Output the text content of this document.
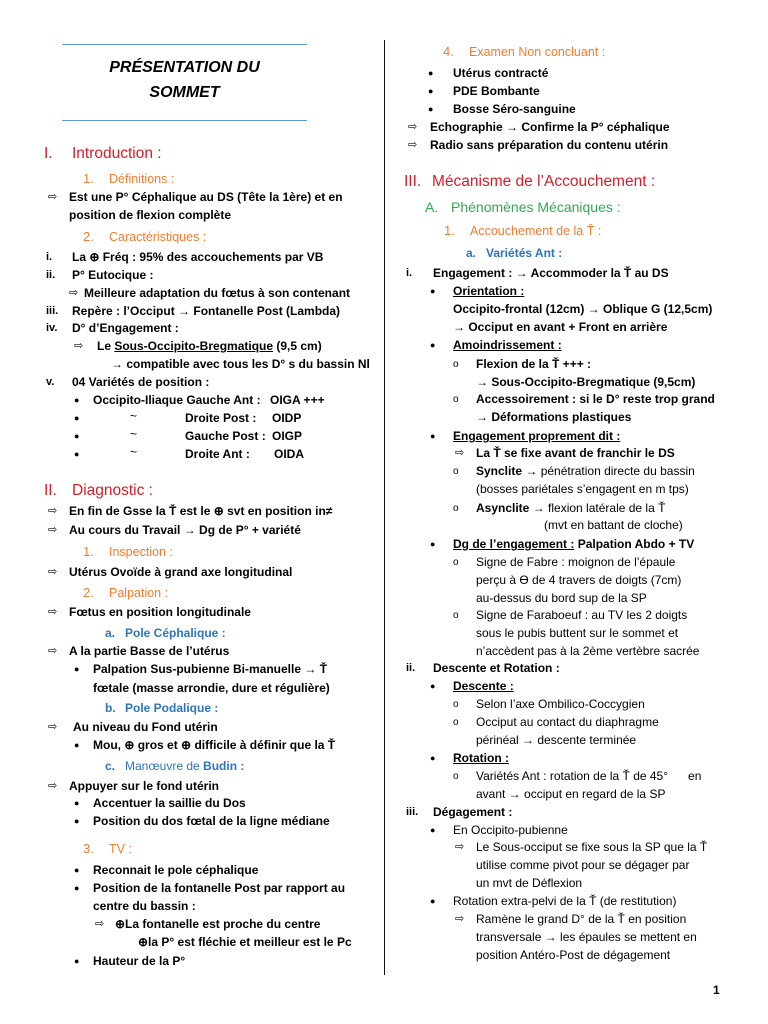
PRÉSENTATION DU
SOMMET
I. Introduction :
1. Définitions :
⇨ Est une P° Céphalique au DS (Tête la 1ère) et en
position de flexion complète
2. Caractéristiques :
i. La ⊕ Fréq : 95% des accouchements par VB
ii. P° Eutocique :
⇨ Meilleure adaptation du fœtus à son contenant
iii. Repère : l’Occiput → Fontanelle Post (Lambda)
iv. D° d’Engagement :
⇨ Le Sous-Occipito-Bregmatique (9,5 cm)
→ compatible avec tous les D° s du bassin Nl
v. 04 Variétés de position :
● Occipito-Iliaque Gauche Ant : OIGA +++
●	~	Droite Post : OIDP
●	~	Gauche Post : OIGP
●	~	Droite Ant : OIDA
II. Diagnostic :
⇨ En fin de Gsse la Ť est le ⊕ svt en position in≠
⇨ Au cours du Travail → Dg de P° + variété
1. Inspection :
⇨ Utérus Ovoïde à grand axe longitudinal
2. Palpation :
⇨ Fœtus en position longitudinale
a. Pole Céphalique :
⇨ A la partie Basse de l’utérus
● Palpation Sus-pubienne Bi-manuelle → Ť
fœtale (masse arrondie, dure et régulière)
b. Pole Podalique :
⇨ Au niveau du Fond utérin
● Mou, ⊕ gros et ⊕ difficile à définir que la Ť
c. Manœuvre de Budin :
⇨ Appuyer sur le fond utérin
● Accentuer la saillie du Dos
● Position du dos fœtal de la ligne médiane
3. TV :
● Reconnait le pole céphalique
● Position de la fontanelle Post par rapport au
centre du bassin :
⇨ ⊕La fontanelle est proche du centre
⊕la P° est fléchie et meilleur est le Pc
● Hauteur de la P°
4. Examen Non concluant :
● Utérus contracté
● PDE Bombante
● Bosse Séro-sanguine
⇨ Echographie → Confirme la P° céphalique
⇨ Radio sans préparation du contenu utérin
III. Mécanisme de l’Accouchement :
A. Phénomènes Mécaniques :
1. Accouchement de la Ť :
a. Variétés Ant :
i. Engagement : → Accommoder la Ť au DS
● Orientation :
Occipito-frontal (12cm) → Oblique G (12,5cm)
→ Occiput en avant + Front en arrière
● Amoindrissement :
o Flexion de la Ť +++ :
→ Sous-Occipito-Bregmatique (9,5cm)
o Accessoirement : si le D° reste trop grand
→ Déformations plastiques
● Engagement proprement dit :
⇨ La Ť se fixe avant de franchir le DS
o Synclite → pénétration directe du bassin
(bosses pariétales s’engagent en m tps)
o Asynclite → flexion latérale de la Ť
(mvt en battant de cloche)
● Dg de l’engagement : Palpation Abdo + TV
o Signe de Fabre : moignon de l’épaule
perçu à ϴ de 4 travers de doigts (7cm)
au-dessus du bord sup de la SP
o Signe de Faraboeuf : au TV les 2 doigts
sous le pubis buttent sur le sommet et
n’accèdent pas à la 2ème vertèbre sacrée
ii. Descente et Rotation :
● Descente :
o Selon l’axe Ombilico-Coccygien
o Occiput au contact du diaphragme
périnéal → descente terminée
● Rotation :
o Variétés Ant : rotation de la Ť de 45°      en
avant → occiput en regard de la SP
iii. Dégagement :
● En Occipito-pubienne
⇨ Le Sous-occiput se fixe sous la SP que la Ť
utilise comme pivot pour se dégager par
un mvt de Déflexion
● Rotation extra-pelvi de la Ť (de restitution)
⇨ Ramène le grand D° de la Ť en position
transversale → les épaules se mettent en
position Antéro-Post de dégagement
1
